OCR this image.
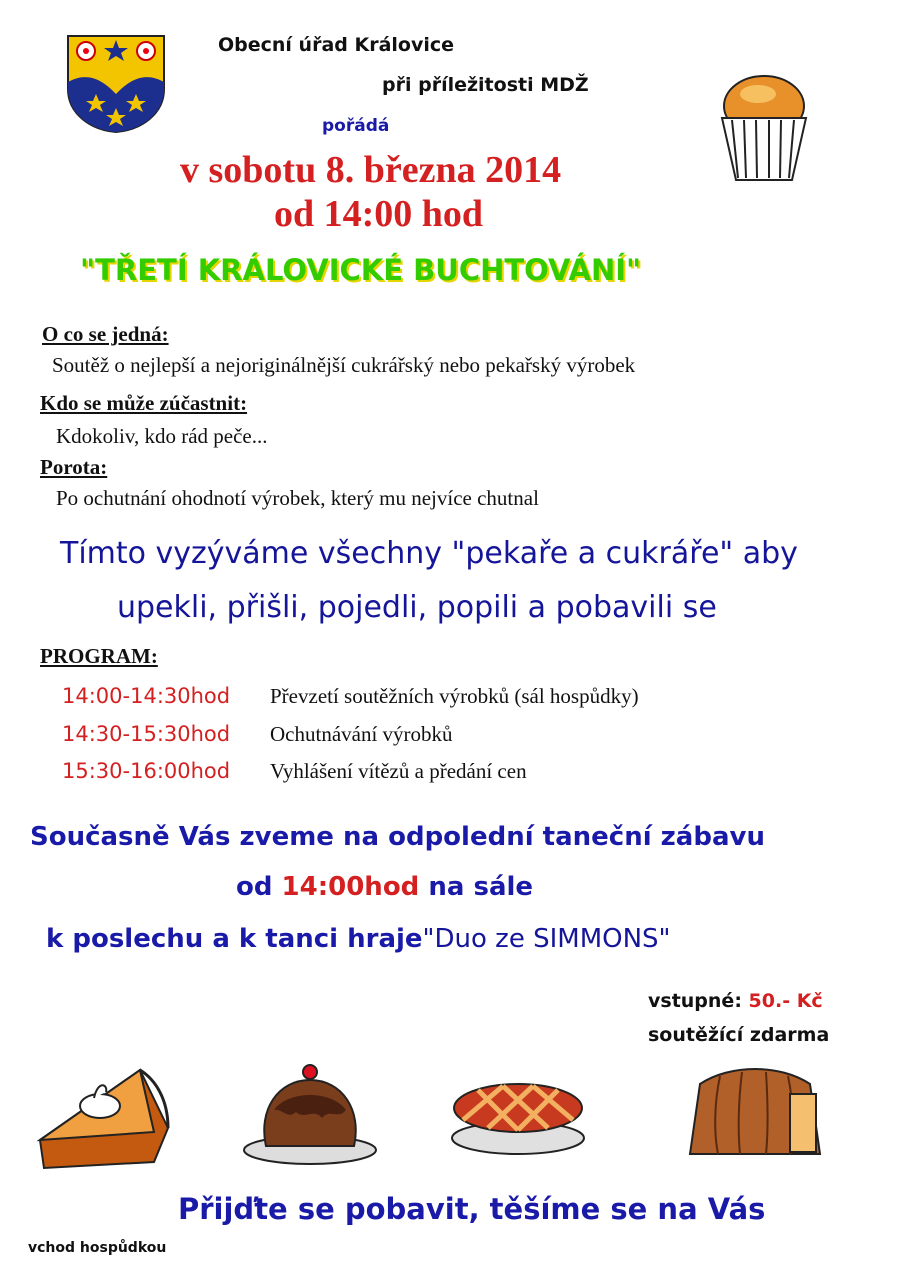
Obecní úřad Královice
při příležitosti MDŽ
pořádá
v sobotu 8. března 2014
od 14:00 hod
"TŘETÍ KRÁLOVICKÉ BUCHTOVÁNÍ"
O co se jedná:
Soutěž o nejlepší a nejoriginálnější cukrářský nebo pekařský výrobek
Kdo se může zúčastnit:
Kdokoliv, kdo rád peče...
Porota:
Po ochutnání ohodnotí výrobek, který mu nejvíce chutnal
Tímto vyzýváme všechny "pekaře a cukráře" aby
upekli, přišli, pojedli, popili a pobavili se
PROGRAM:
14:00-14:30hod Převzetí soutěžních výrobků (sál hospůdky)
14:30-15:30hod Ochutnávání výrobků
15:30-16:00hod Vyhlášení vítězů a předání cen
Současně Vás zveme na odpolední taneční zábavu
od 14:00hod na sále
k poslechu a k tanci hraje"Duo ze SIMMONS"
vstupné: 50.- Kč
soutěžící zdarma
Přijďte se pobavit, těšíme se na Vás
vchod hospůdkou
